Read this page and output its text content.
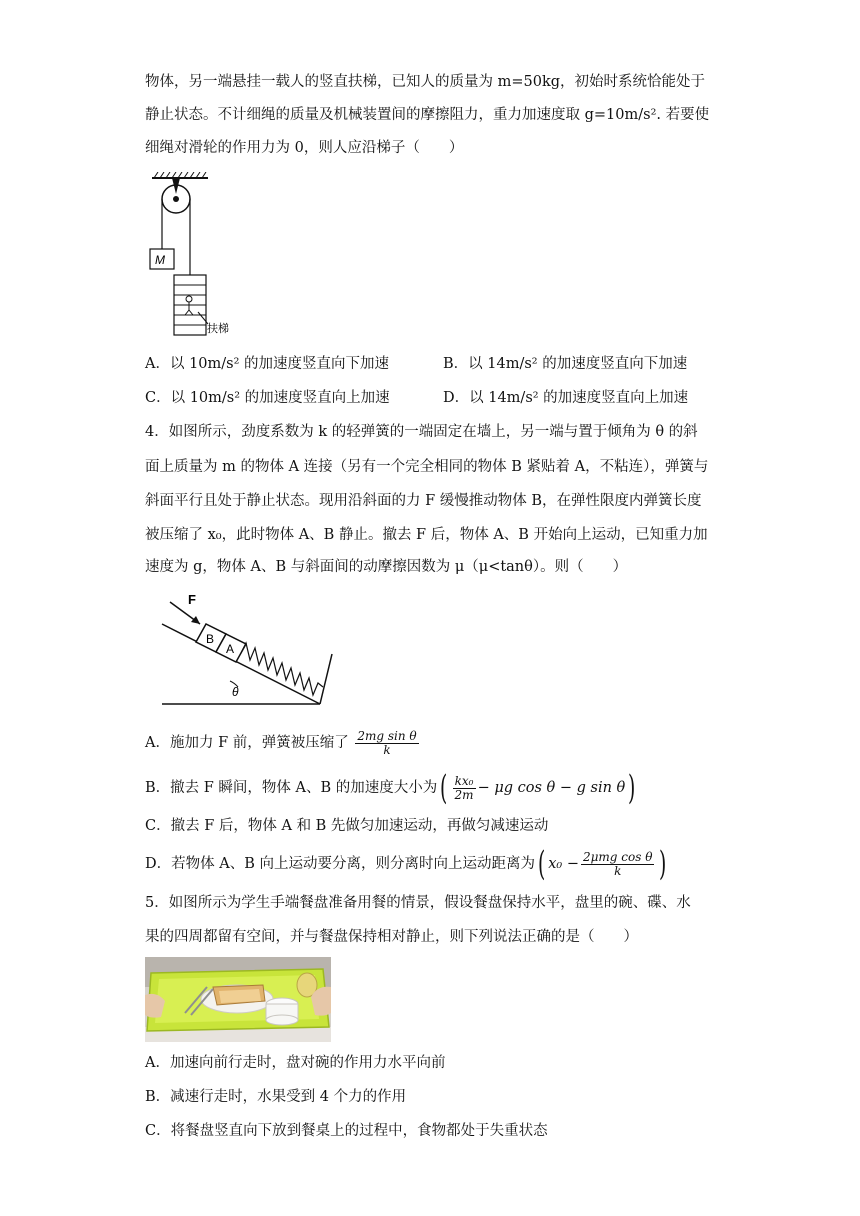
物体，另一端悬挂一载人的竖直扶梯，已知人的质量为 m=50kg，初始时系统恰能处于
静止状态。不计细绳的质量及机械装置间的摩擦阻力，重力加速度取 g=10m/s². 若要使
细绳对滑轮的作用力为 0，则人应沿梯子（　　）
M
扶梯
A．以 10m/s² 的加速度竖直向下加速	B．以 14m/s² 的加速度竖直向下加速
C．以 10m/s² 的加速度竖直向上加速	D．以 14m/s² 的加速度竖直向上加速
4．如图所示，劲度系数为 k 的轻弹簧的一端固定在墙上，另一端与置于倾角为 θ 的斜
面上质量为 m 的物体 A 连接（另有一个完全相同的物体 B 紧贴着 A，不粘连），弹簧与
斜面平行且处于静止状态。现用沿斜面的力 F 缓慢推动物体 B，在弹性限度内弹簧长度
被压缩了 x₀，此时物体 A、B 静止。撤去 F 后，物体 A、B 开始向上运动，已知重力加
速度为 g，物体 A、B 与斜面间的动摩擦因数为 μ（μ<tanθ）。则（　　）
θ
B
A
F
A．施加力 F 前，弹簧被压缩了 $\frac{\text{2mg sin θ}}{k}$
B．撤去 F 瞬间，物体 A、B 的加速度大小为( $\frac{\text{kx₀}}{2m} - \mu g$ cos θ − g sin θ)
C．撤去 F 后，物体 A 和 B 先做匀加速运动，再做匀减速运动
D．若物体 A、B 向上运动要分离，则分离时向上运动距离为( $x_0 - \frac{\text{2μmg cos θ}}{k}$ )
5．如图所示为学生手端餐盘准备用餐的情景，假设餐盘保持水平，盘里的碗、碟、水
果的四周都留有空间，并与餐盘保持相对静止，则下列说法正确的是（　　）
A．加速向前行走时，盘对碗的作用力水平向前
B．减速行走时，水果受到 4 个力的作用
C．将餐盘竖直向下放到餐桌上的过程中，食物都处于失重状态
